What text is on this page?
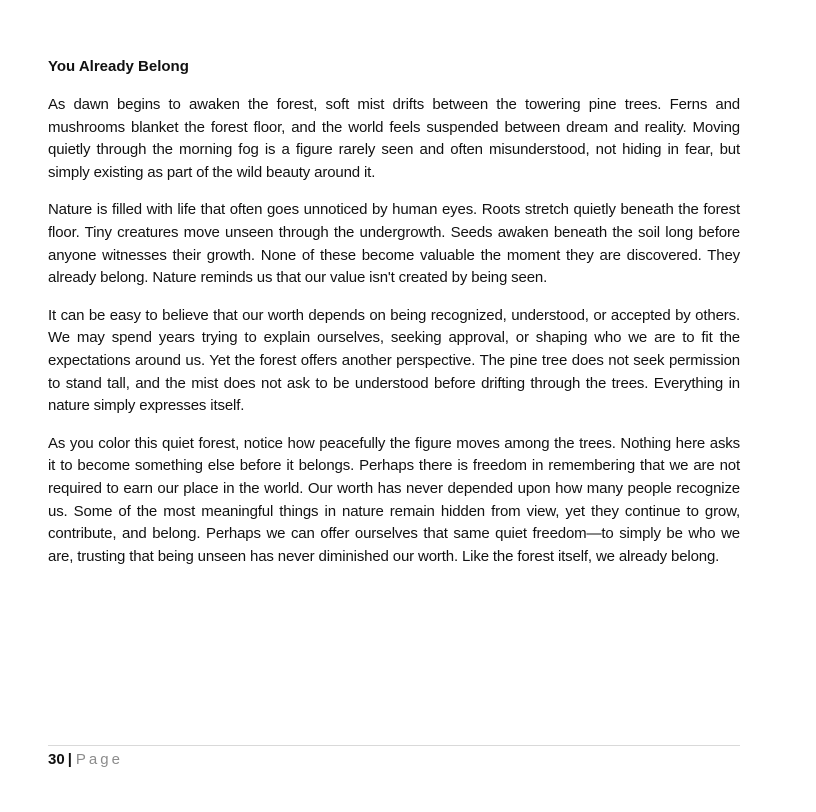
You Already Belong

As dawn begins to awaken the forest, soft mist drifts between the towering pine trees. Ferns and mushrooms blanket the forest floor, and the world feels suspended between dream and reality. Moving quietly through the morning fog is a figure rarely seen and often misunderstood, not hiding in fear, but simply existing as part of the wild beauty around it.

Nature is filled with life that often goes unnoticed by human eyes. Roots stretch quietly beneath the forest floor. Tiny creatures move unseen through the undergrowth. Seeds awaken beneath the soil long before anyone witnesses their growth. None of these become valuable the moment they are discovered. They already belong. Nature reminds us that our value isn't created by being seen.

It can be easy to believe that our worth depends on being recognized, understood, or accepted by others. We may spend years trying to explain ourselves, seeking approval, or shaping who we are to fit the expectations around us. Yet the forest offers another perspective. The pine tree does not seek permission to stand tall, and the mist does not ask to be understood before drifting through the trees. Everything in nature simply expresses itself.

As you color this quiet forest, notice how peacefully the figure moves among the trees. Nothing here asks it to become something else before it belongs. Perhaps there is freedom in remembering that we are not required to earn our place in the world. Our worth has never depended upon how many people recognize us. Some of the most meaningful things in nature remain hidden from view, yet they continue to grow, contribute, and belong. Perhaps we can offer ourselves that same quiet freedom—to simply be who we are, trusting that being unseen has never diminished our worth. Like the forest itself, we already belong.

30 | Page
